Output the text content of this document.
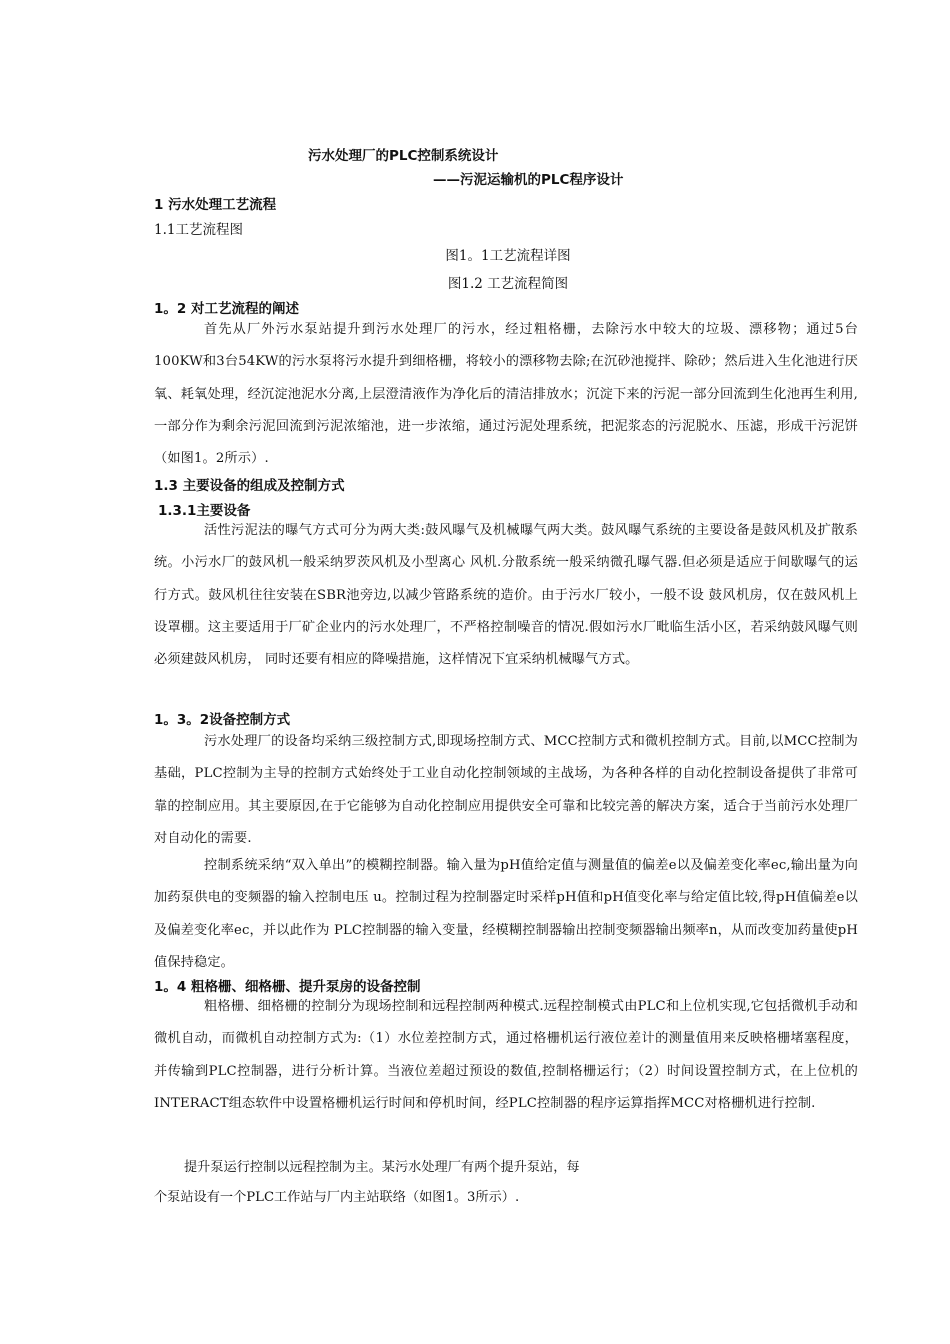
污水处理厂的PLC控制系统设计
——污泥运输机的PLC程序设计
1 污水处理工艺流程
1.1工艺流程图
图1。1工艺流程详图
图1.2 工艺流程简图
1。2 对工艺流程的阐述
首先从厂外污水泵站提升到污水处理厂的污水，经过粗格栅，去除污水中较大的垃圾、漂移物；通过5台100KW和3台54KW的污水泵将污水提升到细格栅，将较小的漂移物去除;在沉砂池搅拌、除砂；然后进入生化池进行厌氧、耗氧处理，经沉淀池泥水分离,上层澄清液作为净化后的清洁排放水；沉淀下来的污泥一部分回流到生化池再生利用,一部分作为剩余污泥回流到污泥浓缩池，进一步浓缩，通过污泥处理系统，把泥浆态的污泥脱水、压滤，形成干污泥饼（如图1。2所示）.
1.3 主要设备的组成及控制方式
1.3.1主要设备
活性污泥法的曝气方式可分为两大类:鼓风曝气及机械曝气两大类。鼓风曝气系统的主要设备是鼓风机及扩散系统。小污水厂的鼓风机一般采纳罗茨风机及小型离心 风机.分散系统一般采纳微孔曝气器.但必须是适应于间歇曝气的运行方式。鼓风机往往安装在SBR池旁边,以减少管路系统的造价。由于污水厂较小，一般不设 鼓风机房，仅在鼓风机上设罩棚。这主要适用于厂矿企业内的污水处理厂，不严格控制噪音的情况.假如污水厂毗临生活小区，若采纳鼓风曝气则必须建鼓风机房， 同时还要有相应的降噪措施，这样情况下宜采纳机械曝气方式。
1。3。2设备控制方式
污水处理厂的设备均采纳三级控制方式,即现场控制方式、MCC控制方式和微机控制方式。目前,以MCC控制为基础，PLC控制为主导的控制方式始终处于工业自动化控制领域的主战场，为各种各样的自动化控制设备提供了非常可靠的控制应用。其主要原因,在于它能够为自动化控制应用提供安全可靠和比较完善的解决方案，适合于当前污水处理厂对自动化的需要.
控制系统采纳“双入单出”的模糊控制器。输入量为pH值给定值与测量值的偏差e以及偏差变化率ec,输出量为向加药泵供电的变频器的输入控制电压 u。控制过程为控制器定时采样pH值和pH值变化率与给定值比较,得pH值偏差e以及偏差变化率ec，并以此作为 PLC控制器的输入变量，经模糊控制器输出控制变频器输出频率n，从而改变加药量使pH值保持稳定。
1。4 粗格栅、细格栅、提升泵房的设备控制
粗格栅、细格栅的控制分为现场控制和远程控制两种模式.远程控制模式由PLC和上位机实现,它包括微机手动和微机自动，而微机自动控制方式为:（1）水位差控制方式，通过格栅机运行液位差计的测量值用来反映格栅堵塞程度，并传输到PLC控制器，进行分析计算。当液位差超过预设的数值,控制格栅运行；（2）时间设置控制方式，在上位机的INTERACT组态软件中设置格栅机运行时间和停机时间，经PLC控制器的程序运算指挥MCC对格栅机进行控制.
提升泵运行控制以远程控制为主。某污水处理厂有两个提升泵站，每
个泵站设有一个PLC工作站与厂内主站联络（如图1。3所示）.
